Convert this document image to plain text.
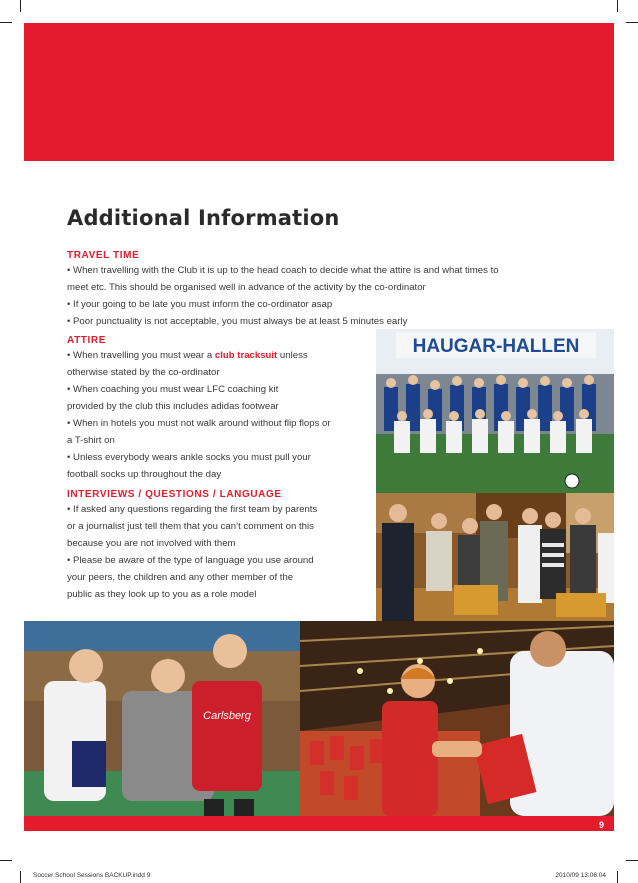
Additional Information
TRAVEL TIME

• When travelling with the Club it is up to the head coach to decide what the attire is and what times to

meet etc. This should be organised well in advance of the activity by the co-ordinator

• If your going to be late you must inform the co-ordinator asap

• Poor punctuality is not acceptable, you must always be at least 5 minutes early

ATTIRE

• When travelling you must wear a club tracksuit unless

otherwise stated by the co-ordinator

• When coaching you must wear LFC coaching kit

provided by the club this includes adidas footwear

• When in hotels you must not walk around without flip flops or

a T-shirt on

• Unless everybody wears ankle socks you must pull your

football socks up throughout the day

INTERVIEWS / QUESTIONS / LANGUAGE

• If asked any questions regarding the first team by parents

or a journalist just tell them that you can’t comment on this

because you are not involved with them

• Please be aware of the type of language you use around

your peers, the children and any other member of the

public as they look up to you as a role model

HAUGAR-HALLEN
Carlsberg
9
Soccer School Sessions BACKUP.indd 9	2010/09 13:06:04
